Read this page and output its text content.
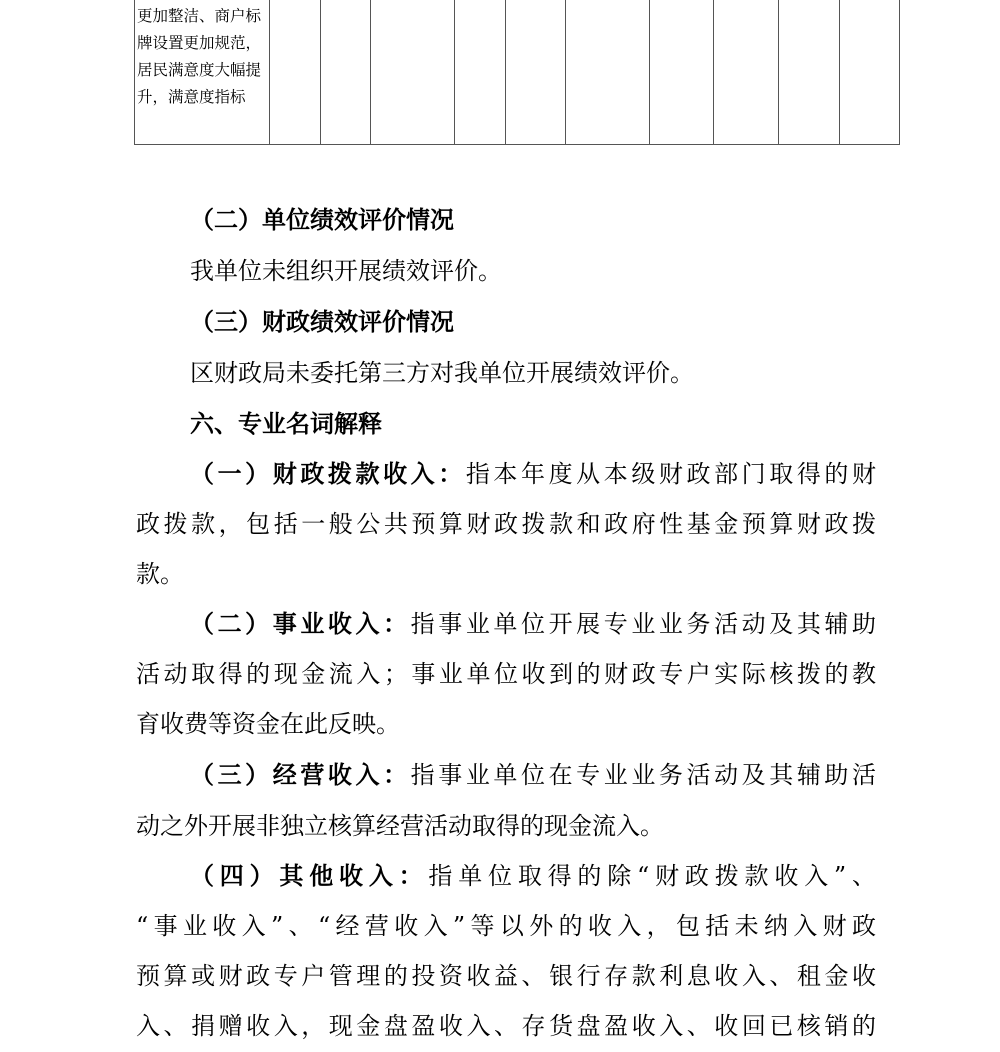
更加整洁、商户标牌设置更加规范，居民满意度大幅提升，满意度指标										
（二）单位绩效评价情况
我单位未组织开展绩效评价。
（三）财政绩效评价情况
区财政局未委托第三方对我单位开展绩效评价。
六、专业名词解释
（一）财政拨款收入：指本年度从本级财政部门取得的财
政拨款，包括一般公共预算财政拨款和政府性基金预算财政拨
款。
（二）事业收入：指事业单位开展专业业务活动及其辅助
活动取得的现金流入；事业单位收到的财政专户实际核拨的教
育收费等资金在此反映。
（三）经营收入：指事业单位在专业业务活动及其辅助活
动之外开展非独立核算经营活动取得的现金流入。
（四）其他收入：指单位取得的除“财政拨款收入”、
“事业收入”、“经营收入”等以外的收入，包括未纳入财政
预算或财政专户管理的投资收益、银行存款利息收入、租金收
入、捐赠收入，现金盘盈收入、存货盘盈收入、收回已核销的
